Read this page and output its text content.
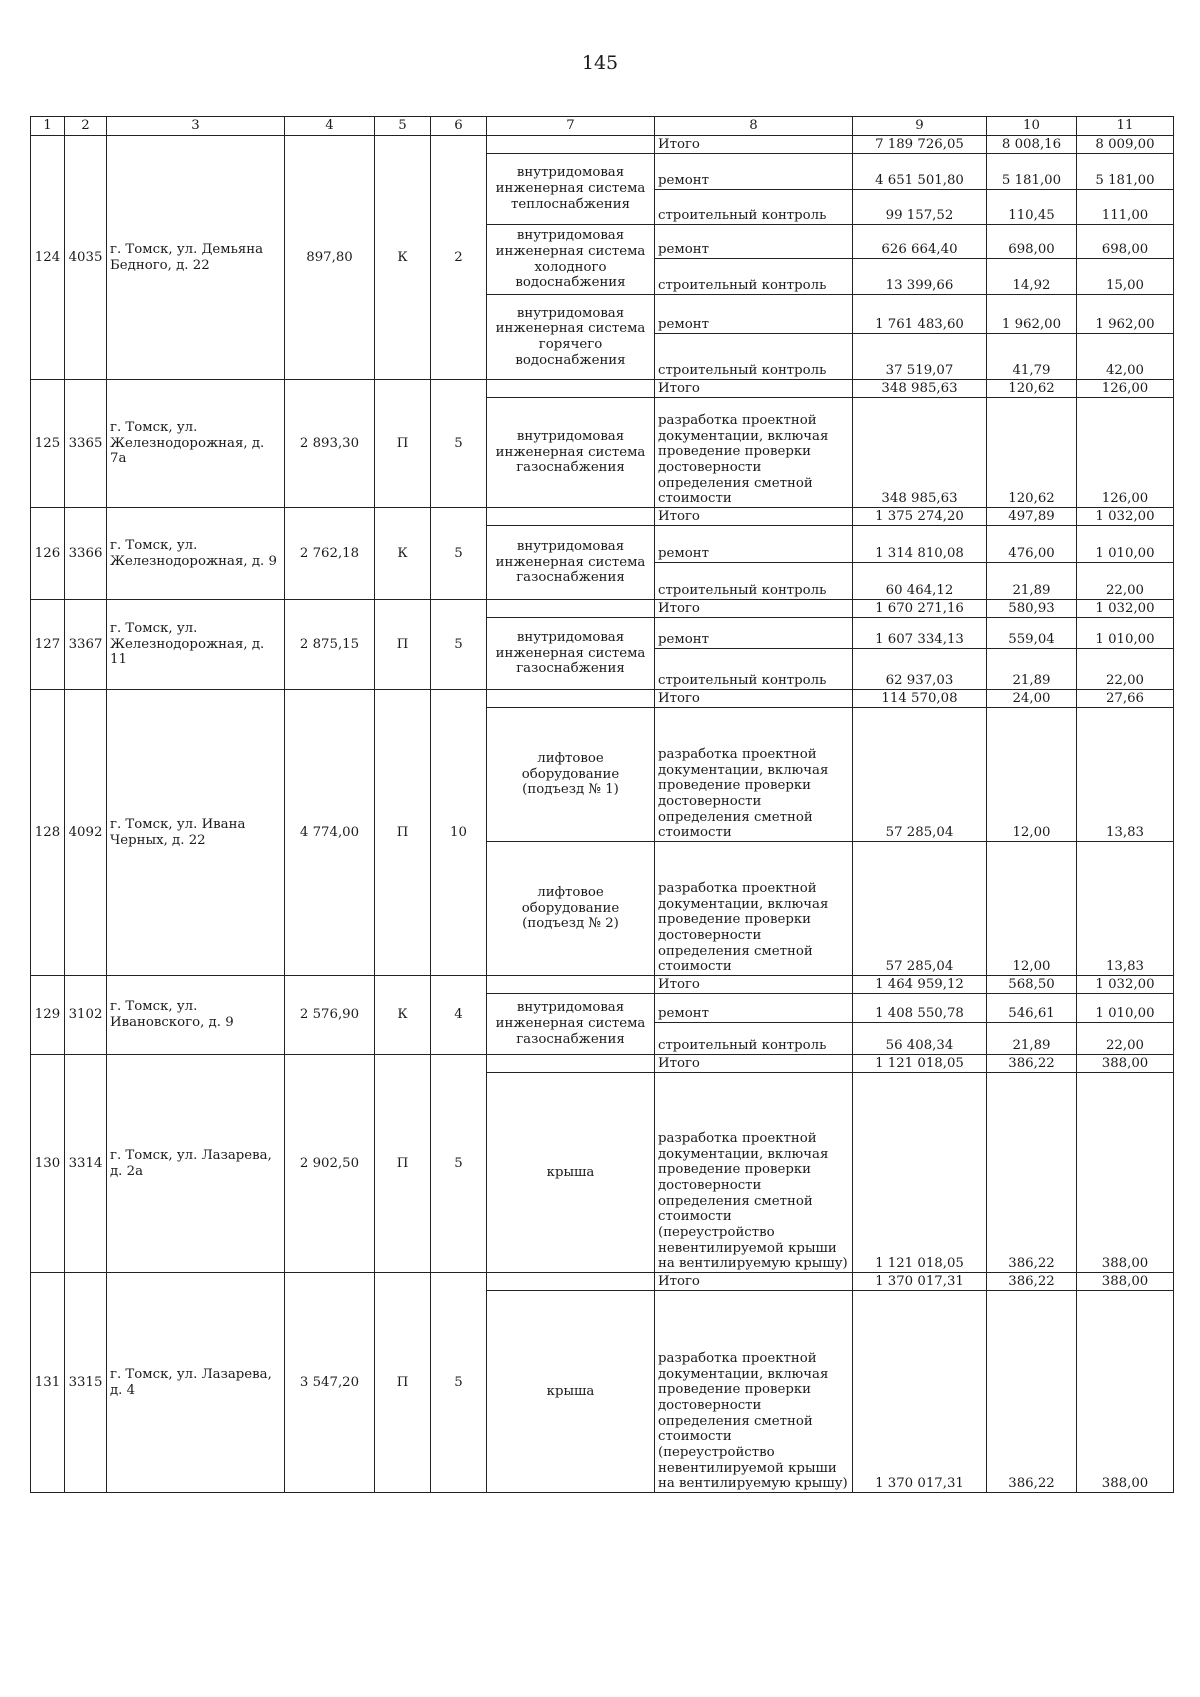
145
1	2	3	4	5	6	7	8	9	10	11
124	4035	г. Томск, ул. Демьяна Бедного, д. 22	897,80	К	2		Итого	7 189 726,05	8 008,16	8 009,00
						внутридомовая инженерная система теплоснабжения	ремонт	4 651 501,80	5 181,00	5 181,00
							строительный контроль	99 157,52	110,45	111,00
						внутридомовая инженерная система холодного водоснабжения	ремонт	626 664,40	698,00	698,00
							строительный контроль	13 399,66	14,92	15,00
						внутридомовая инженерная система горячего водоснабжения	ремонт	1 761 483,60	1 962,00	1 962,00
							строительный контроль	37 519,07	41,79	42,00
125	3365	г. Томск, ул. Железнодорожная, д. 7а	2 893,30	П	5		Итого	348 985,63	120,62	126,00
						внутридомовая инженерная система газоснабжения	разработка проектной документации, включая проведение проверки достоверности определения сметной стоимости	348 985,63	120,62	126,00
126	3366	г. Томск, ул. Железнодорожная, д. 9	2 762,18	К	5		Итого	1 375 274,20	497,89	1 032,00
						внутридомовая инженерная система газоснабжения	ремонт	1 314 810,08	476,00	1 010,00
							строительный контроль	60 464,12	21,89	22,00
127	3367	г. Томск, ул. Железнодорожная, д. 11	2 875,15	П	5		Итого	1 670 271,16	580,93	1 032,00
						внутридомовая инженерная система газоснабжения	ремонт	1 607 334,13	559,04	1 010,00
							строительный контроль	62 937,03	21,89	22,00
128	4092	г. Томск, ул. Ивана Черных, д. 22	4 774,00	П	10		Итого	114 570,08	24,00	27,66
						лифтовое оборудование (подъезд № 1)	разработка проектной документации, включая проведение проверки достоверности определения сметной стоимости	57 285,04	12,00	13,83
						лифтовое оборудование (подъезд № 2)	разработка проектной документации, включая проведение проверки достоверности определения сметной стоимости	57 285,04	12,00	13,83
129	3102	г. Томск, ул. Ивановского, д. 9	2 576,90	К	4		Итого	1 464 959,12	568,50	1 032,00
						внутридомовая инженерная система газоснабжения	ремонт	1 408 550,78	546,61	1 010,00
							строительный контроль	56 408,34	21,89	22,00
130	3314	г. Томск, ул. Лазарева, д. 2а	2 902,50	П	5		Итого	1 121 018,05	386,22	388,00
						крыша	разработка проектной документации, включая проведение проверки достоверности определения сметной стоимости (переустройство невентилируемой крыши на вентилируемую крышу)	1 121 018,05	386,22	388,00
131	3315	г. Томск, ул. Лазарева, д. 4	3 547,20	П	5		Итого	1 370 017,31	386,22	388,00
						крыша	разработка проектной документации, включая проведение проверки достоверности определения сметной стоимости (переустройство невентилируемой крыши на вентилируемую крышу)	1 370 017,31	386,22	388,00
